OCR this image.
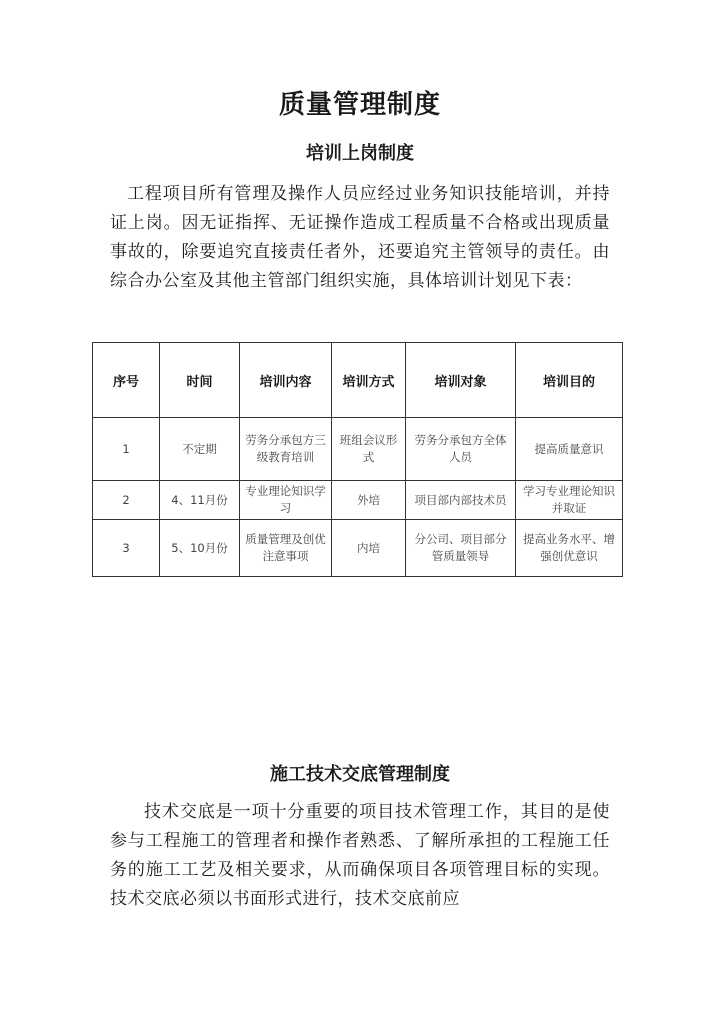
质量管理制度
培训上岗制度

工程项目所有管理及操作人员应经过业务知识技能培训，并持证上岗。因无证指挥、无证操作造成工程质量不合格或出现质量事故的，除要追究直接责任者外，还要追究主管领导的责任。由综合办公室及其他主管部门组织实施，具体培训计划见下表：

序号	时间	培训内容	培训方式	培训对象	培训目的
1	不定期	劳务分承包方三级教育培训	班组会议形式	劳务分承包方全体人员	提高质量意识
2	4、11月份	专业理论知识学习	外培	项目部内部技术员	学习专业理论知识并取证
3	5、10月份	质量管理及创优注意事项	内培	分公司、项目部分管质量领导	提高业务水平、增强创优意识
施工技术交底管理制度

技术交底是一项十分重要的项目技术管理工作，其目的是使参与工程施工的管理者和操作者熟悉、了解所承担的工程施工任务的施工工艺及相关要求，从而确保项目各项管理目标的实现。技术交底必须以书面形式进行，技术交底前应
